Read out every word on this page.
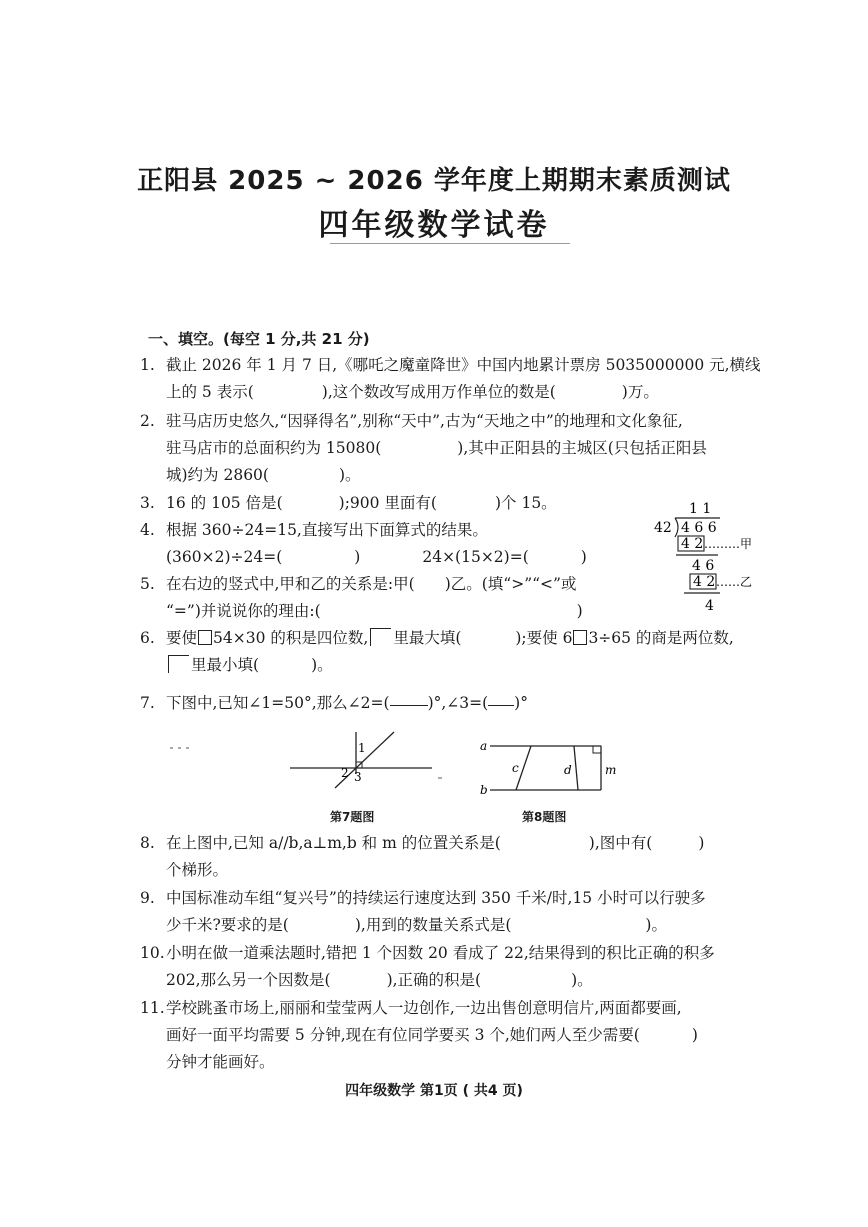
正阳县 2025 ~ 2026 学年度上期期末素质测试
四年级数学试卷
一、填空。(每空 1 分,共 21 分)
1. 截止 2026 年 1 月 7 日,《哪吒之魔童降世》中国内地累计票房 5035000000 元,横线
上的 5 表示(	),这个数改写成用万作单位的数是(	)万。
2. 驻马店历史悠久,“因驿得名”,别称“天中”,古为“天地之中”的地理和文化象征,
驻马店市的总面积约为 15080(	),其中正阳县的主城区(只包括正阳县
城)约为 2860(	)。
3. 16 的 105 倍是(	);900 里面有(	)个 15。
4. 根据 360÷24=15,直接写出下面算式的结果。
(360×2)÷24=(	)	24×(15×2)=(	)
5. 在右边的竖式中,甲和乙的关系是:甲( )乙。(填“>”“<”或
“=”)并说说你的理由:(	)
1 1
42 4 6 6
4 2 ………甲
4 6
4 2 ……乙
4
6. 要使 54×30 的积是四位数, 里最大填(	);要使 6 3÷65 的商是两位数,
里最小填(	)。
7. 下图中,已知∠1=50°,那么∠2=( )°,∠3=( )°
1
2 3
第7题图
a
b
c	d	m
第8题图
8. 在上图中,已知 a//b,a⊥m,b 和 m 的位置关系是(	),图中有(	)
个梯形。
9. 中国标准动车组“复兴号”的持续运行速度达到 350 千米/时,15 小时可以行驶多
少千米?要求的是(	),用到的数量关系式是(	)。
10.小明在做一道乘法题时,错把 1 个因数 20 看成了 22,结果得到的积比正确的积多
202,那么另一个因数是(	),正确的积是(	)。
11.学校跳蚤市场上,丽丽和莹莹两人一边创作,一边出售创意明信片,两面都要画,
画好一面平均需要 5 分钟,现在有位同学要买 3 个,她们两人至少需要(	)
分钟才能画好。
四年级数学 第1页 ( 共4 页)
